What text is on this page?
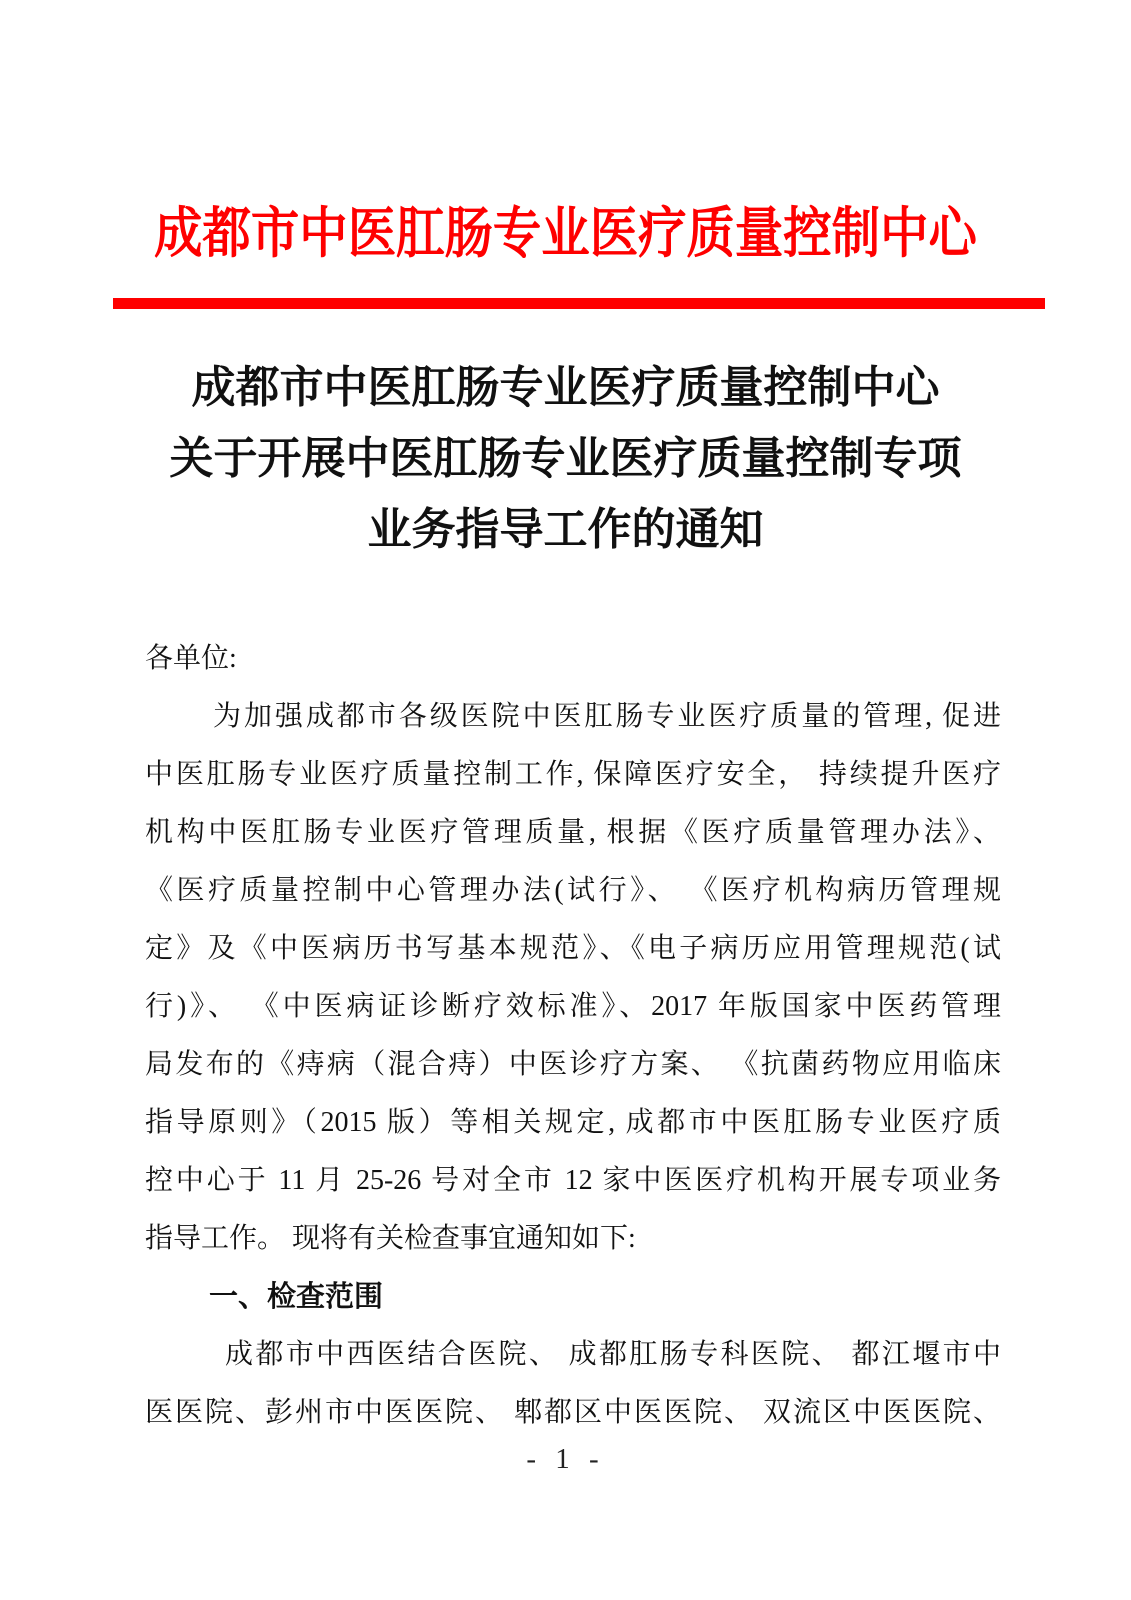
成都市中医肛肠专业医疗质量控制中心
成都市中医肛肠专业医疗质量控制中心
关于开展中医肛肠专业医疗质量控制专项
业务指导工作的通知
各单位:
为加强成都市各级医院中医肛肠专业医疗质量的管理, 促进
中医肛肠专业医疗质量控制工作, 保障医疗安全， 持续提升医疗
机构中医肛肠专业医疗管理质量, 根据《医疗质量管理办法》、
《医疗质量控制中心管理办法(试行》、 《医疗机构病历管理规
定》及《中医病历书写基本规范》、《电子病历应用管理规范(试
行)》、 《中医病证诊断疗效标准》、2017 年版国家中医药管理
局发布的《痔病（混合痔）中医诊疗方案、 《抗菌药物应用临床
指导原则》（2015 版）等相关规定, 成都市中医肛肠专业医疗质
控中心于 11 月 25-26 号对全市 12 家中医医疗机构开展专项业务
指导工作。 现将有关检查事宜通知如下:
一、检查范围
成都市中西医结合医院、 成都肛肠专科医院、 都江堰市中
医医院、彭州市中医医院、 郫都区中医医院、 双流区中医医院、
- 1 -
